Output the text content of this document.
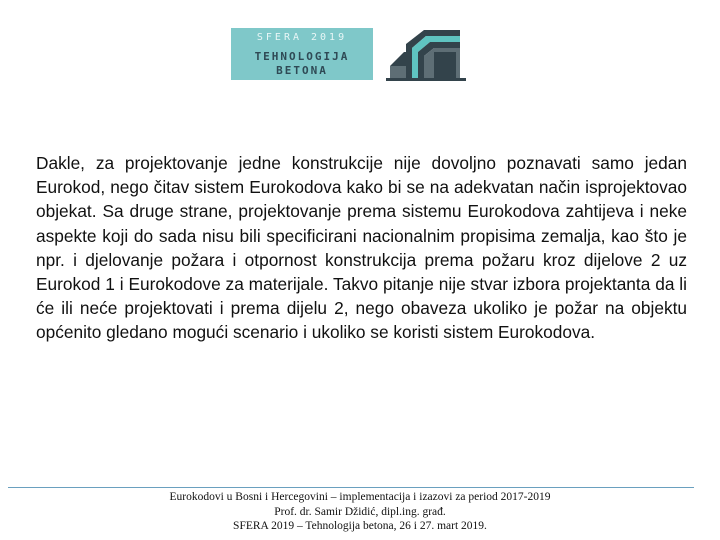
SFERA 2019
TEHNOLOGIJA
BETONA

Dakle, za projektovanje jedne konstrukcije nije dovoljno poznavati samo jedan Eurokod, nego čitav sistem Eurokodova kako bi se na adekvatan način isprojektovao objekat. Sa druge strane, projektovanje prema sistemu Eurokodova zahtijeva i neke aspekte koji do sada nisu bili specificirani nacionalnim propisima zemalja, kao što je npr. i djelovanje požara i otpornost konstrukcija prema požaru kroz dijelove 2 uz Eurokod 1 i Eurokodove za materijale. Takvo pitanje nije stvar izbora projektanta da li će ili neće projektovati i prema dijelu 2, nego obaveza ukoliko je požar na objektu općenito gledano mogući scenario i ukoliko se koristi sistem Eurokodova.

Eurokodovi u Bosni i Hercegovini – implementacija i izazovi za period 2017-2019
Prof. dr. Samir Džidić, dipl.ing. građ.
SFERA 2019 – Tehnologija betona, 26 i 27. mart 2019.
